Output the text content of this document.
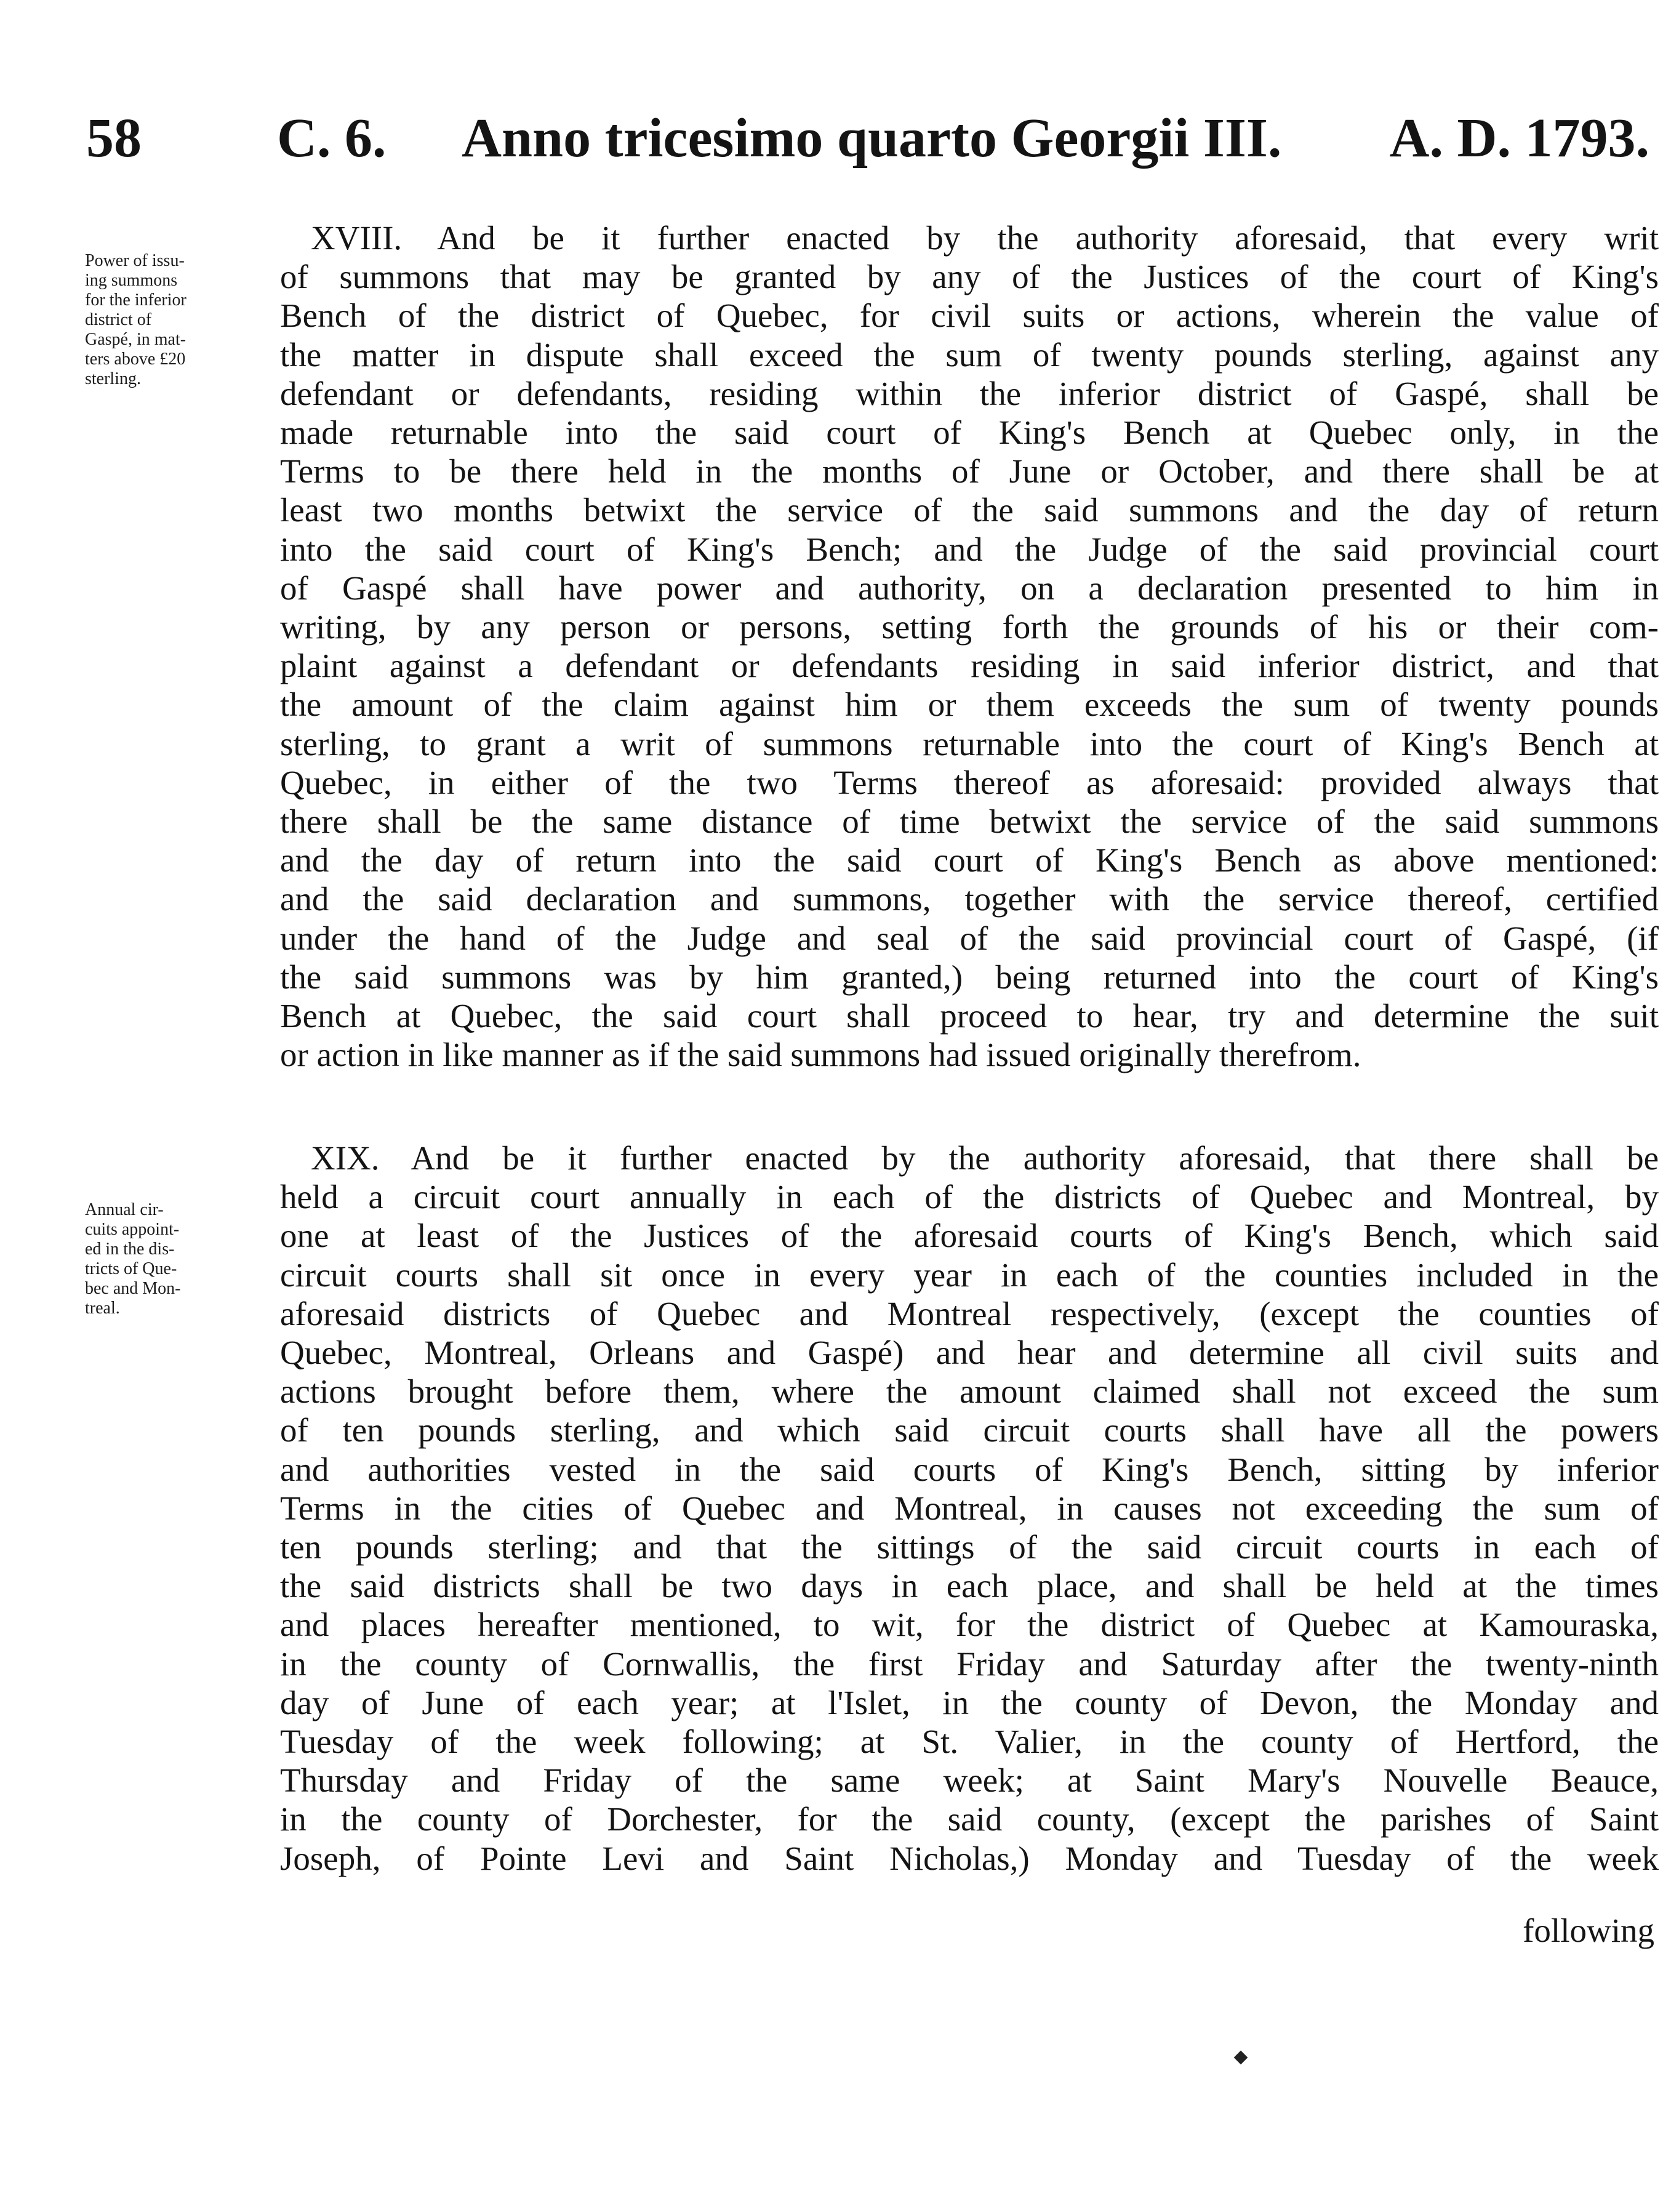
58 C. 6. Anno tricesimo quarto Georgii III. A. D. 1793.
Power of issu-
ing summons
for the inferior
district of
Gaspé, in mat-
ters above £20
sterling.
Annual cir-
cuits appoint-
ed in the dis-
tricts of Que-
bec and Mon-
treal.
XVIII. And be it further enacted by the authority aforesaid, that every writ
of summons that may be granted by any of the Justices of the court of King's
Bench of the district of Quebec, for civil suits or actions, wherein the value of
the matter in dispute shall exceed the sum of twenty pounds sterling, against any
defendant or defendants, residing within the inferior district of Gaspé, shall be
made returnable into the said court of King's Bench at Quebec only, in the
Terms to be there held in the months of June or October, and there shall be at
least two months betwixt the service of the said summons and the day of return
into the said court of King's Bench; and the Judge of the said provincial court
of Gaspé shall have power and authority, on a declaration presented to him in
writing, by any person or persons, setting forth the grounds of his or their com-
plaint against a defendant or defendants residing in said inferior district, and that
the amount of the claim against him or them exceeds the sum of twenty pounds
sterling, to grant a writ of summons returnable into the court of King's Bench at
Quebec, in either of the two Terms thereof as aforesaid: provided always that
there shall be the same distance of time betwixt the service of the said summons
and the day of return into the said court of King's Bench as above mentioned:
and the said declaration and summons, together with the service thereof, certified
under the hand of the Judge and seal of the said provincial court of Gaspé, (if
the said summons was by him granted,) being returned into the court of King's
Bench at Quebec, the said court shall proceed to hear, try and determine the suit
or action in like manner as if the said summons had issued originally therefrom.
XIX. And be it further enacted by the authority aforesaid, that there shall be
held a circuit court annually in each of the districts of Quebec and Montreal, by
one at least of the Justices of the aforesaid courts of King's Bench, which said
circuit courts shall sit once in every year in each of the counties included in the
aforesaid districts of Quebec and Montreal respectively, (except the counties of
Quebec, Montreal, Orleans and Gaspé) and hear and determine all civil suits and
actions brought before them, where the amount claimed shall not exceed the sum
of ten pounds sterling, and which said circuit courts shall have all the powers
and authorities vested in the said courts of King's Bench, sitting by inferior
Terms in the cities of Quebec and Montreal, in causes not exceeding the sum of
ten pounds sterling; and that the sittings of the said circuit courts in each of
the said districts shall be two days in each place, and shall be held at the times
and places hereafter mentioned, to wit, for the district of Quebec at Kamouraska,
in the county of Cornwallis, the first Friday and Saturday after the twenty-ninth
day of June of each year; at l'Islet, in the county of Devon, the Monday and
Tuesday of the week following; at St. Valier, in the county of Hertford, the
Thursday and Friday of the same week; at Saint Mary's Nouvelle Beauce,
in the county of Dorchester, for the said county, (except the parishes of Saint
Joseph, of Pointe Levi and Saint Nicholas,) Monday and Tuesday of the week
following
